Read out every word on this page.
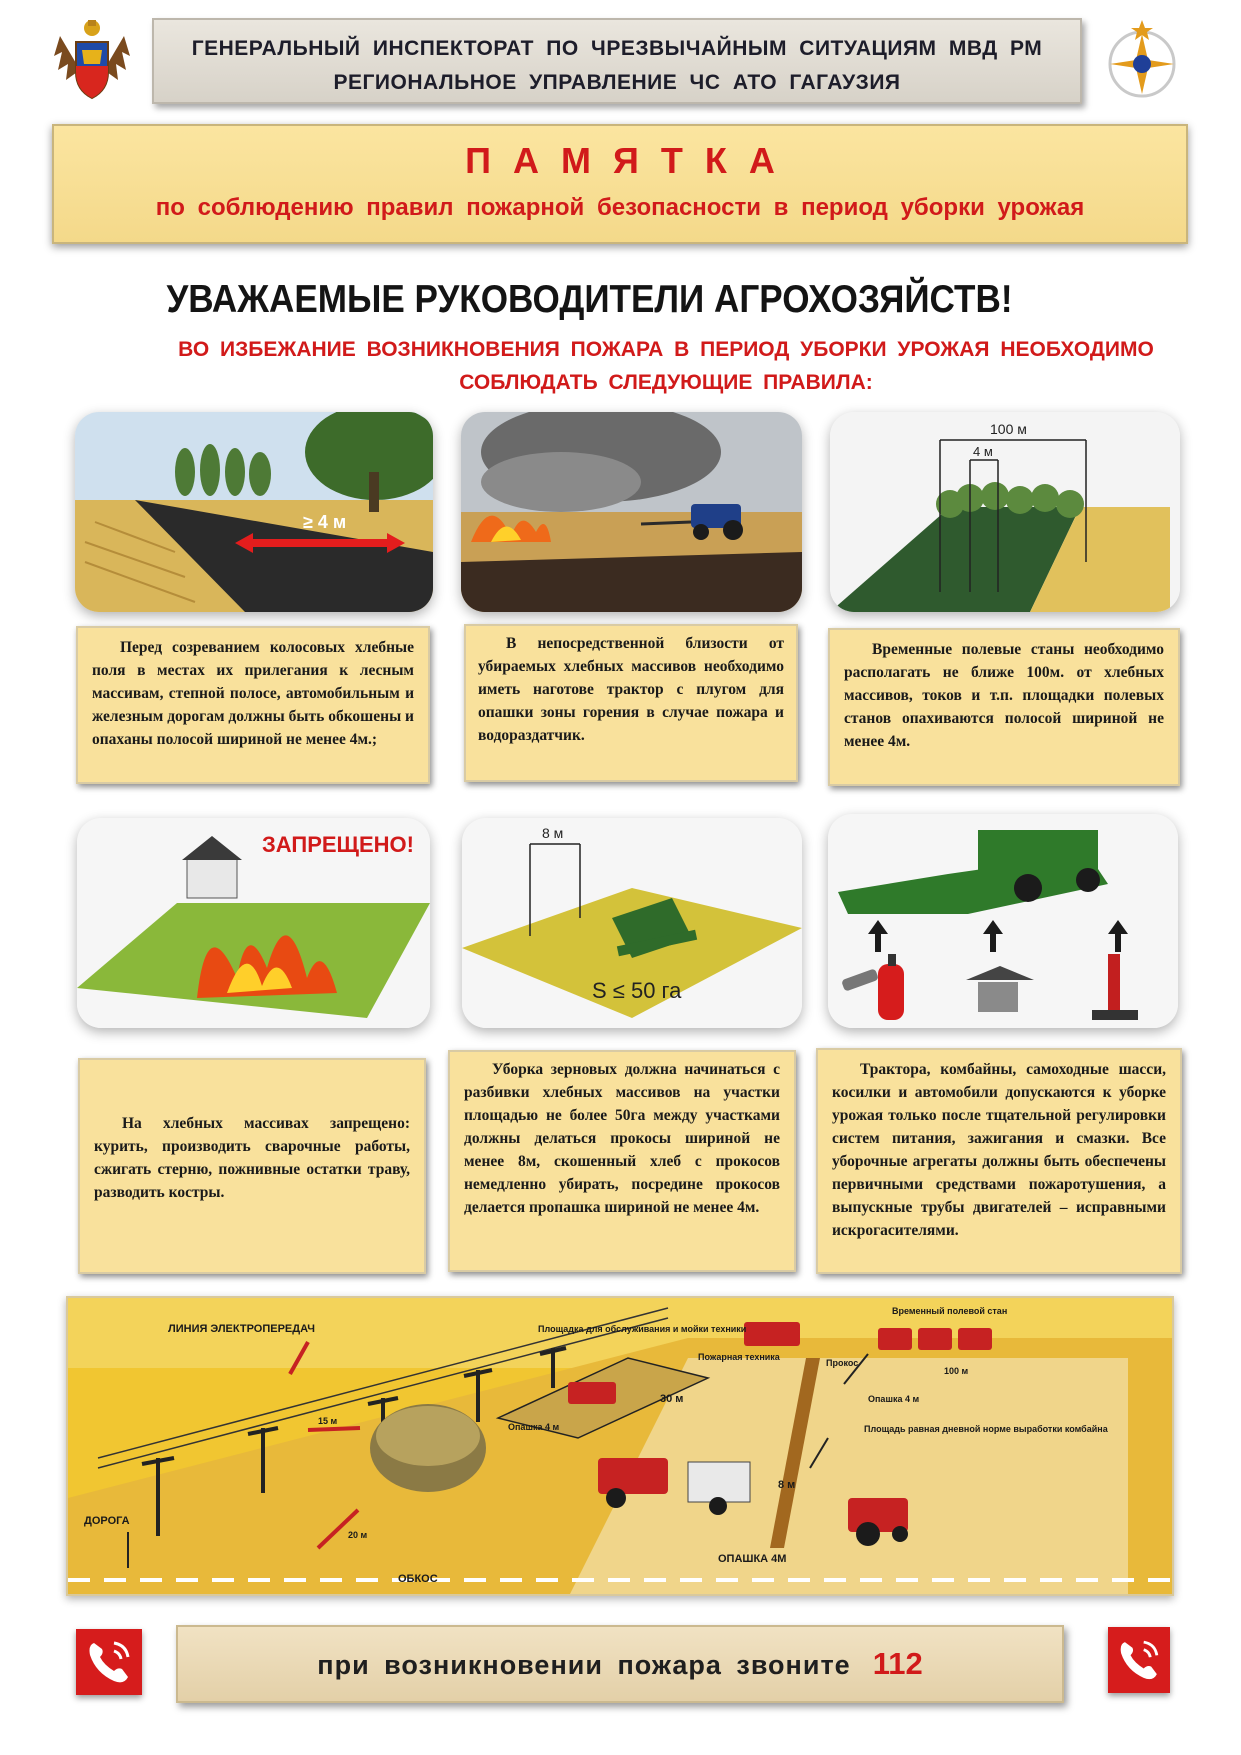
ГЕНЕРАЛЬНЫЙ ИНСПЕКТОРАТ ПО ЧРЕЗВЫЧАЙНЫМ СИТУАЦИЯМ МВД РМ

РЕГИОНАЛЬНОЕ УПРАВЛЕНИЕ ЧС АТО ГАГАУЗИЯ

ПАМЯТКА
по соблюдению правил пожарной безопасности в период уборки урожая
УВАЖАЕМЫЕ РУКОВОДИТЕЛИ АГРОХОЗЯЙСТВ!
ВО ИЗБЕЖАНИЕ ВОЗНИКНОВЕНИЯ ПОЖАРА В ПЕРИОД УБОРКИ УРОЖАЯ НЕОБХОДИМО СОБЛЮДАТЬ СЛЕДУЮЩИЕ ПРАВИЛА:
≥ 4 м
100 м
4 м
Перед созреванием колосовых хлебные поля в местах их прилегания к лесным массивам, степной полосе, автомобильным и железным дорогам должны быть обкошены и опаханы полосой шириной не менее 4м.;
В непосредственной близости от убираемых хлебных массивов необходимо иметь наготове трактор с плугом для опашки зоны горения в случае пожара и водораздатчик.
Временные полевые станы необходимо располагать не ближе 100м. от хлебных массивов, токов и т.п. площадки полевых станов опахиваются полосой шириной не менее 4м.
ЗАПРЕЩЕНО!	8 м
S ≤ 50 га
На хлебных массивах запрещено: курить, производить сварочные работы, сжигать стерню, пожнивные остатки траву, разводить костры.
Уборка зерновых должна начинаться с разбивки хлебных массивов на участки площадью не более 50га между участками должны делаться прокосы шириной не менее 8м, скошенный хлеб с прокосов немедленно убирать, посредине прокосов делается пропашка шириной не менее 4м.
Трактора, комбайны, самоходные шасси, косилки и автомобили допускаются к уборке урожая только после тщательной регулировки систем питания, зажигания и смазки. Все уборочные агрегаты должны быть обеспечены первичными средствами пожаротушения, а выпускные трубы двигателей – исправными искрогасителями.
ЛИНИЯ ЭЛЕКТРОПЕРЕДАЧ
ДОРОГА
ОБКОС
ОПАШКА 4М
15 м
20 м
Опашка 4 м
Площадка для обслуживания и мойки техники
30 м
Пожарная техника
Прокос
Временный полевой стан
100 м
Опашка 4 м
Площадь равная дневной норме выработки комбайна
8 м
при возникновении пожара звоните 112
